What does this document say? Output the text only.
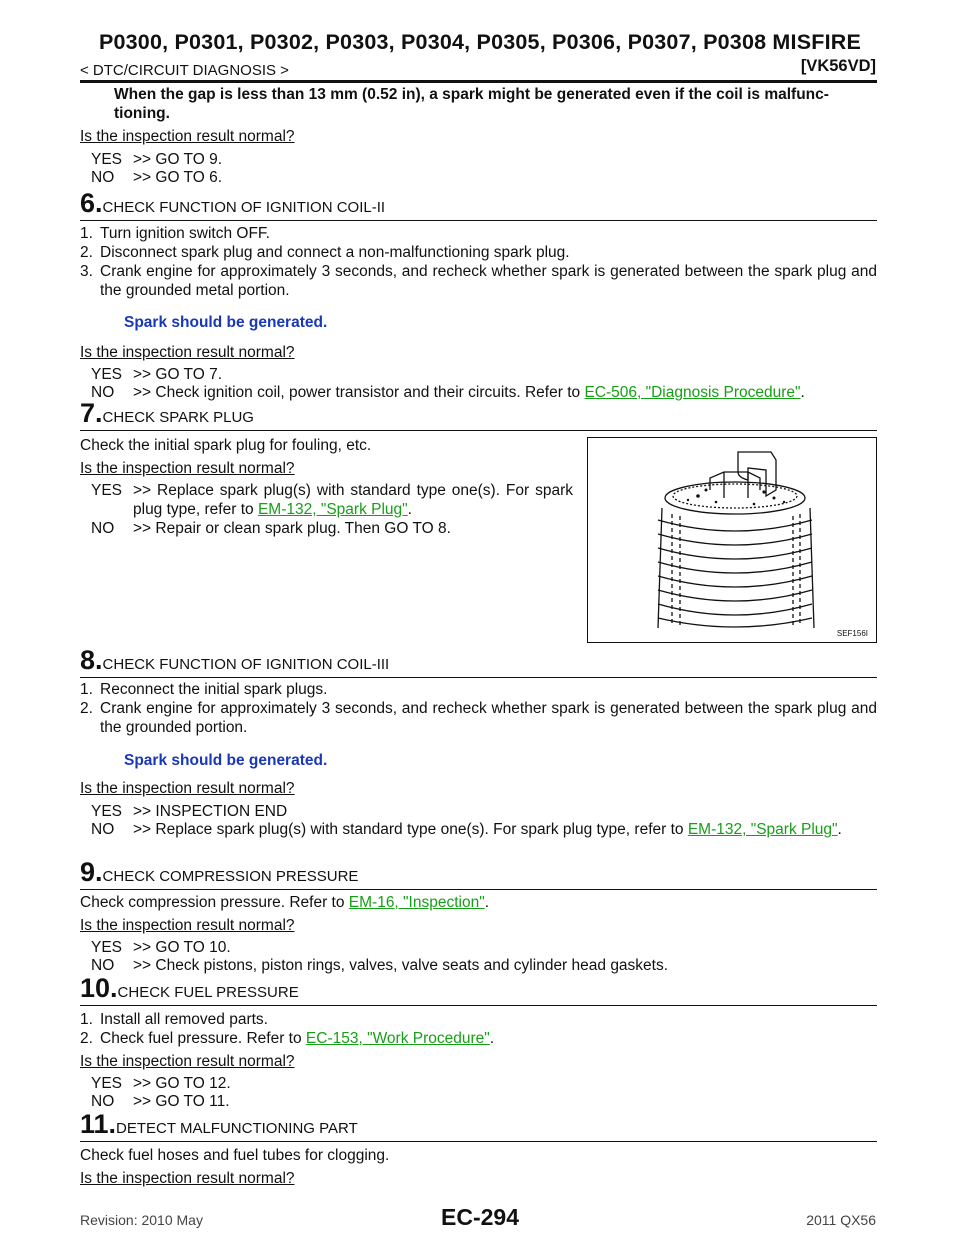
P0300, P0301, P0302, P0303, P0304, P0305, P0306, P0307, P0308 MISFIRE
< DTC/CIRCUIT DIAGNOSIS >	[VK56VD]
When the gap is less than 13 mm (0.52 in), a spark might be generated even if the coil is malfunc- tioning.
Is the inspection result normal?
YES >> GO TO 9.
NO >> GO TO 6.
6.CHECK FUNCTION OF IGNITION COIL-II
1. Turn ignition switch OFF.
2. Disconnect spark plug and connect a non-malfunctioning spark plug.
3. Crank engine for approximately 3 seconds, and recheck whether spark is generated between the spark plug and the grounded metal portion.
Spark should be generated.
Is the inspection result normal?
YES >> GO TO 7.
NO >> Check ignition coil, power transistor and their circuits. Refer to EC-506, "Diagnosis Procedure".
7.CHECK SPARK PLUG
Check the initial spark plug for fouling, etc.
Is the inspection result normal?
YES >> Replace spark plug(s) with standard type one(s). For spark plug type, refer to EM-132, "Spark Plug".
NO >> Repair or clean spark plug. Then GO TO 8.
SEF156I
8.CHECK FUNCTION OF IGNITION COIL-III
1. Reconnect the initial spark plugs.
2. Crank engine for approximately 3 seconds, and recheck whether spark is generated between the spark plug and the grounded portion.
Spark should be generated.
Is the inspection result normal?
YES >> INSPECTION END
NO >> Replace spark plug(s) with standard type one(s). For spark plug type, refer to EM-132, "Spark Plug".
9.CHECK COMPRESSION PRESSURE
Check compression pressure. Refer to EM-16, "Inspection".
Is the inspection result normal?
YES >> GO TO 10.
NO >> Check pistons, piston rings, valves, valve seats and cylinder head gaskets.
10.CHECK FUEL PRESSURE
1. Install all removed parts.
2. Check fuel pressure. Refer to EC-153, "Work Procedure".
Is the inspection result normal?
YES >> GO TO 12.
NO >> GO TO 11.
11.DETECT MALFUNCTIONING PART
Check fuel hoses and fuel tubes for clogging.
Is the inspection result normal?
Revision: 2010 May	EC-294	2011 QX56
